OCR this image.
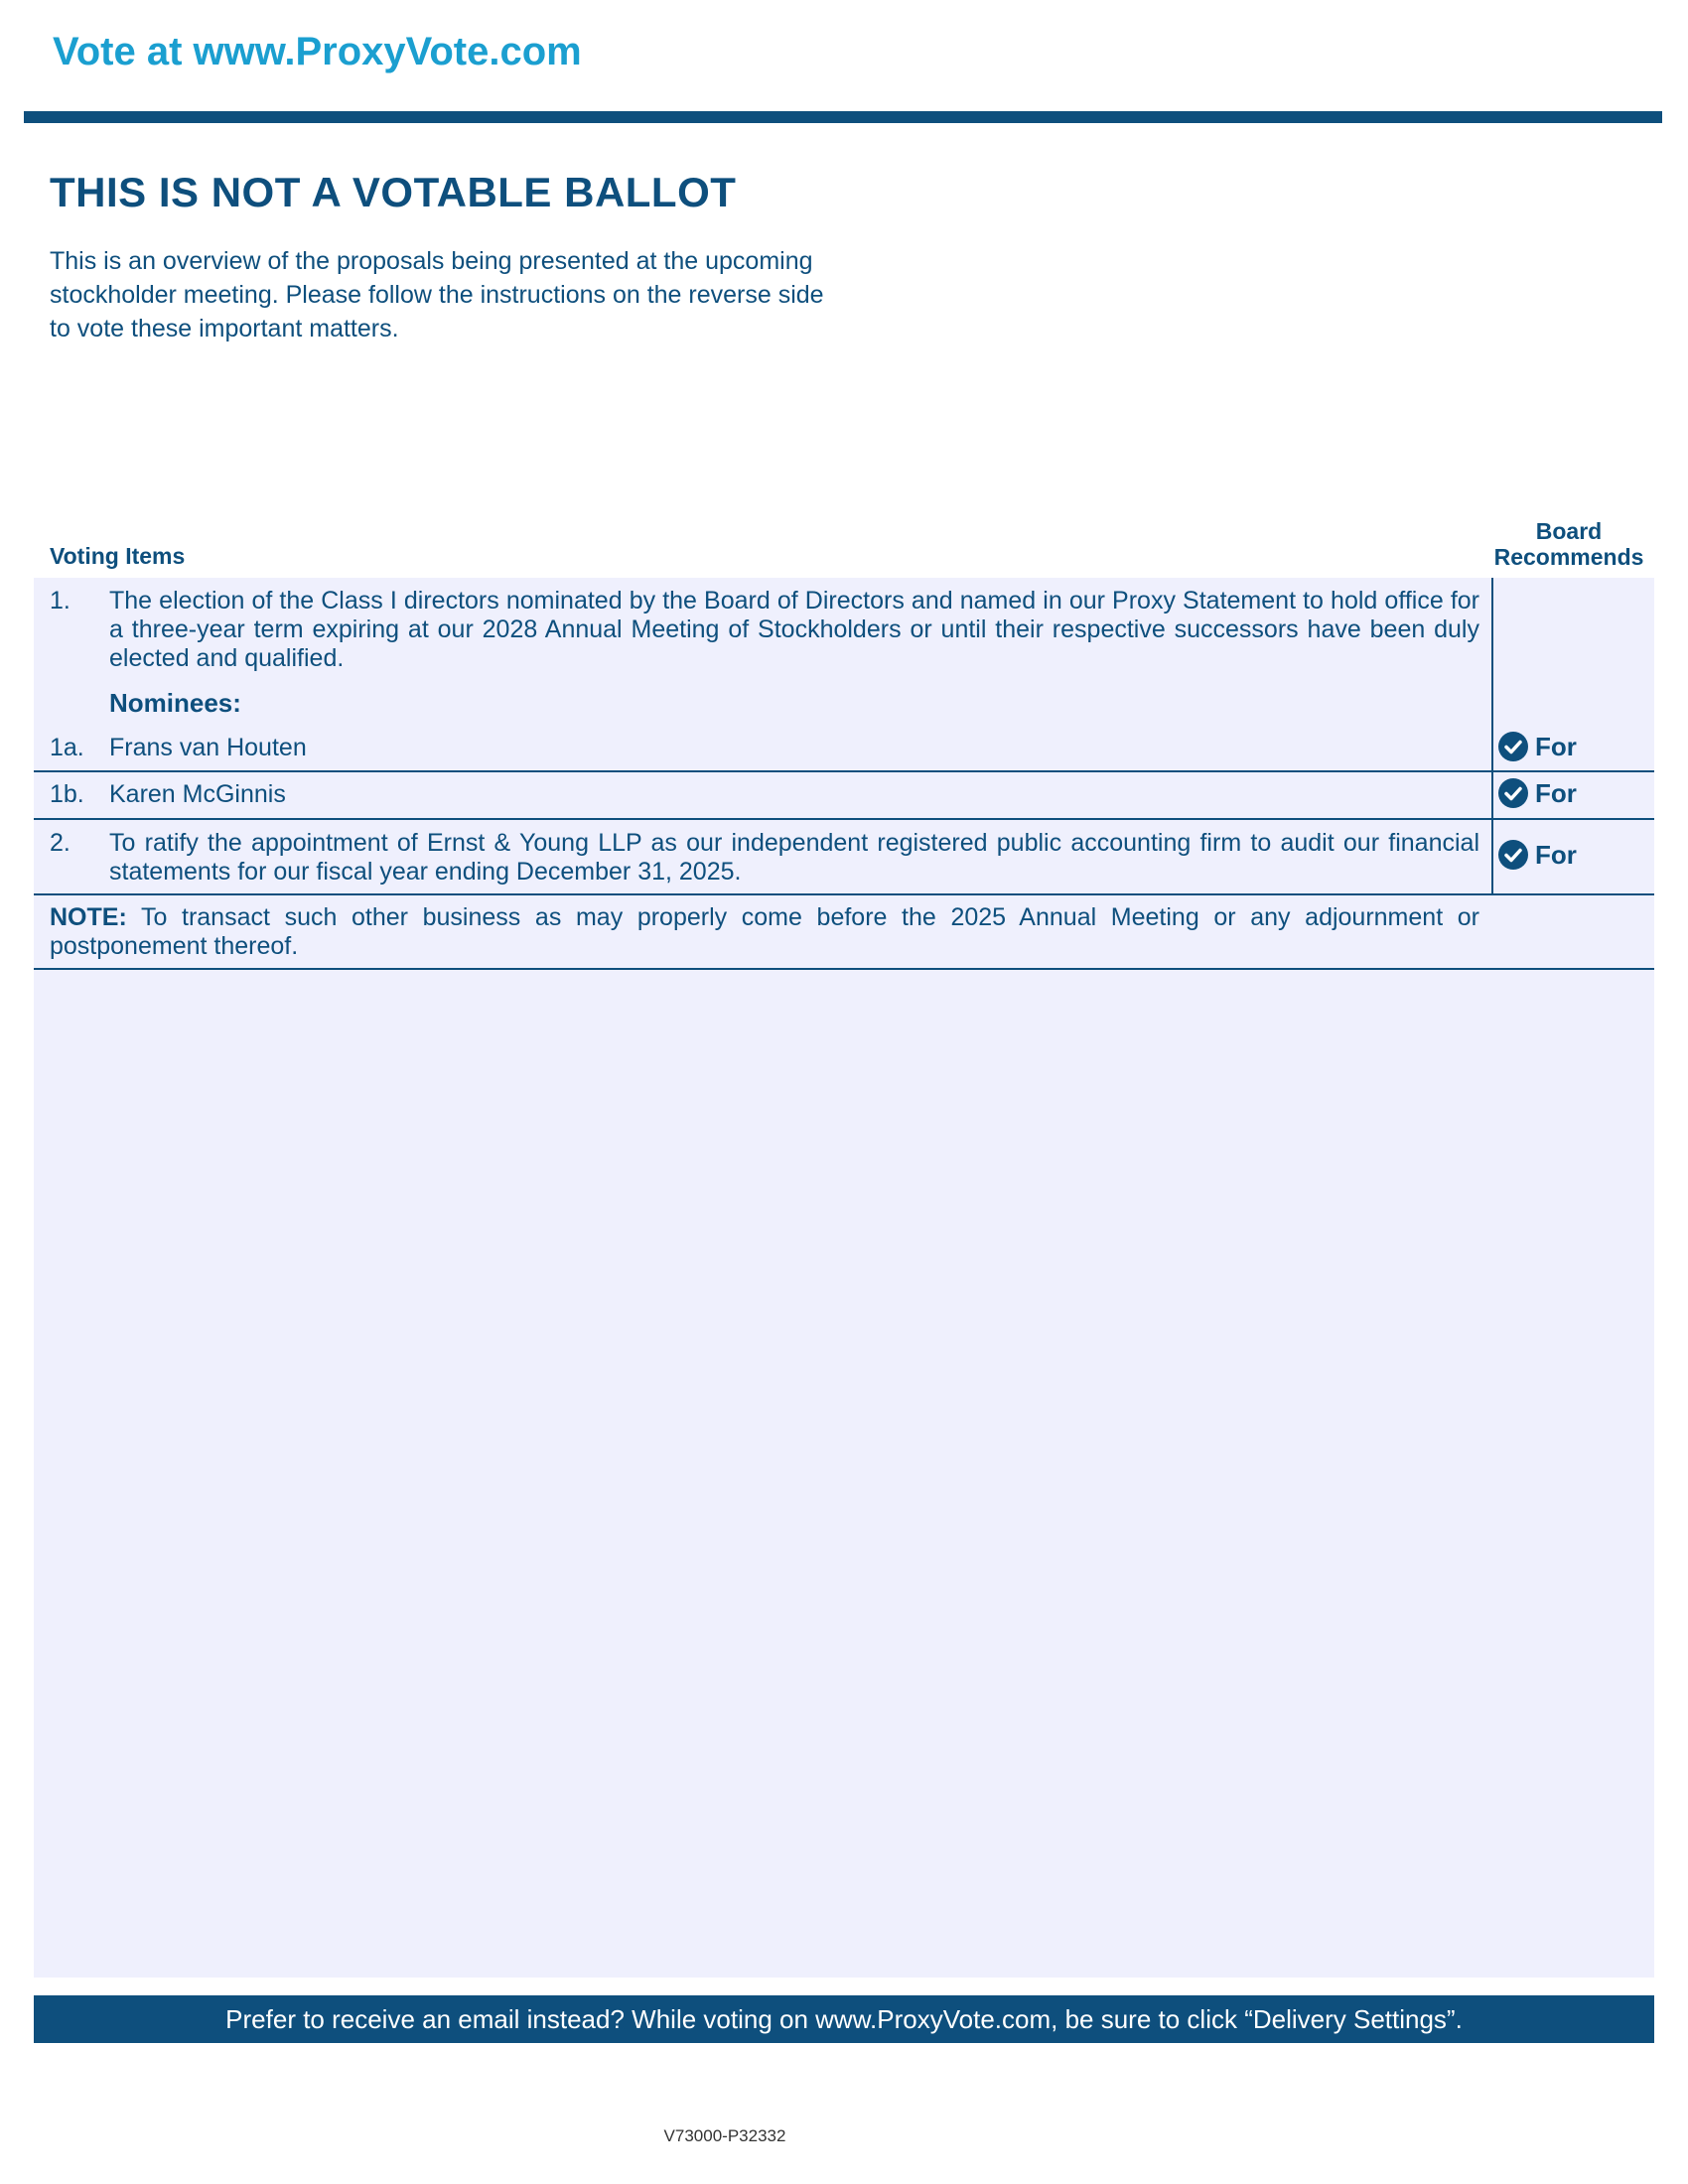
Vote at www.ProxyVote.com
THIS IS NOT A VOTABLE BALLOT
This is an overview of the proposals being presented at the upcoming stockholder meeting. Please follow the instructions on the reverse side to vote these important matters.
Voting Items
Board Recommends
1. The election of the Class I directors nominated by the Board of Directors and named in our Proxy Statement to hold office for a three-year term expiring at our 2028 Annual Meeting of Stockholders or until their respective successors have been duly elected and qualified.
Nominees:
1a. Frans van Houten	For
1b. Karen McGinnis	For
2. To ratify the appointment of Ernst & Young LLP as our independent registered public accounting firm to audit our financial statements for our fiscal year ending December 31, 2025.
For
NOTE: To transact such other business as may properly come before the 2025 Annual Meeting or any adjournment or postponement thereof.
Prefer to receive an email instead? While voting on www.ProxyVote.com, be sure to click “Delivery Settings”.
V73000-P32332
